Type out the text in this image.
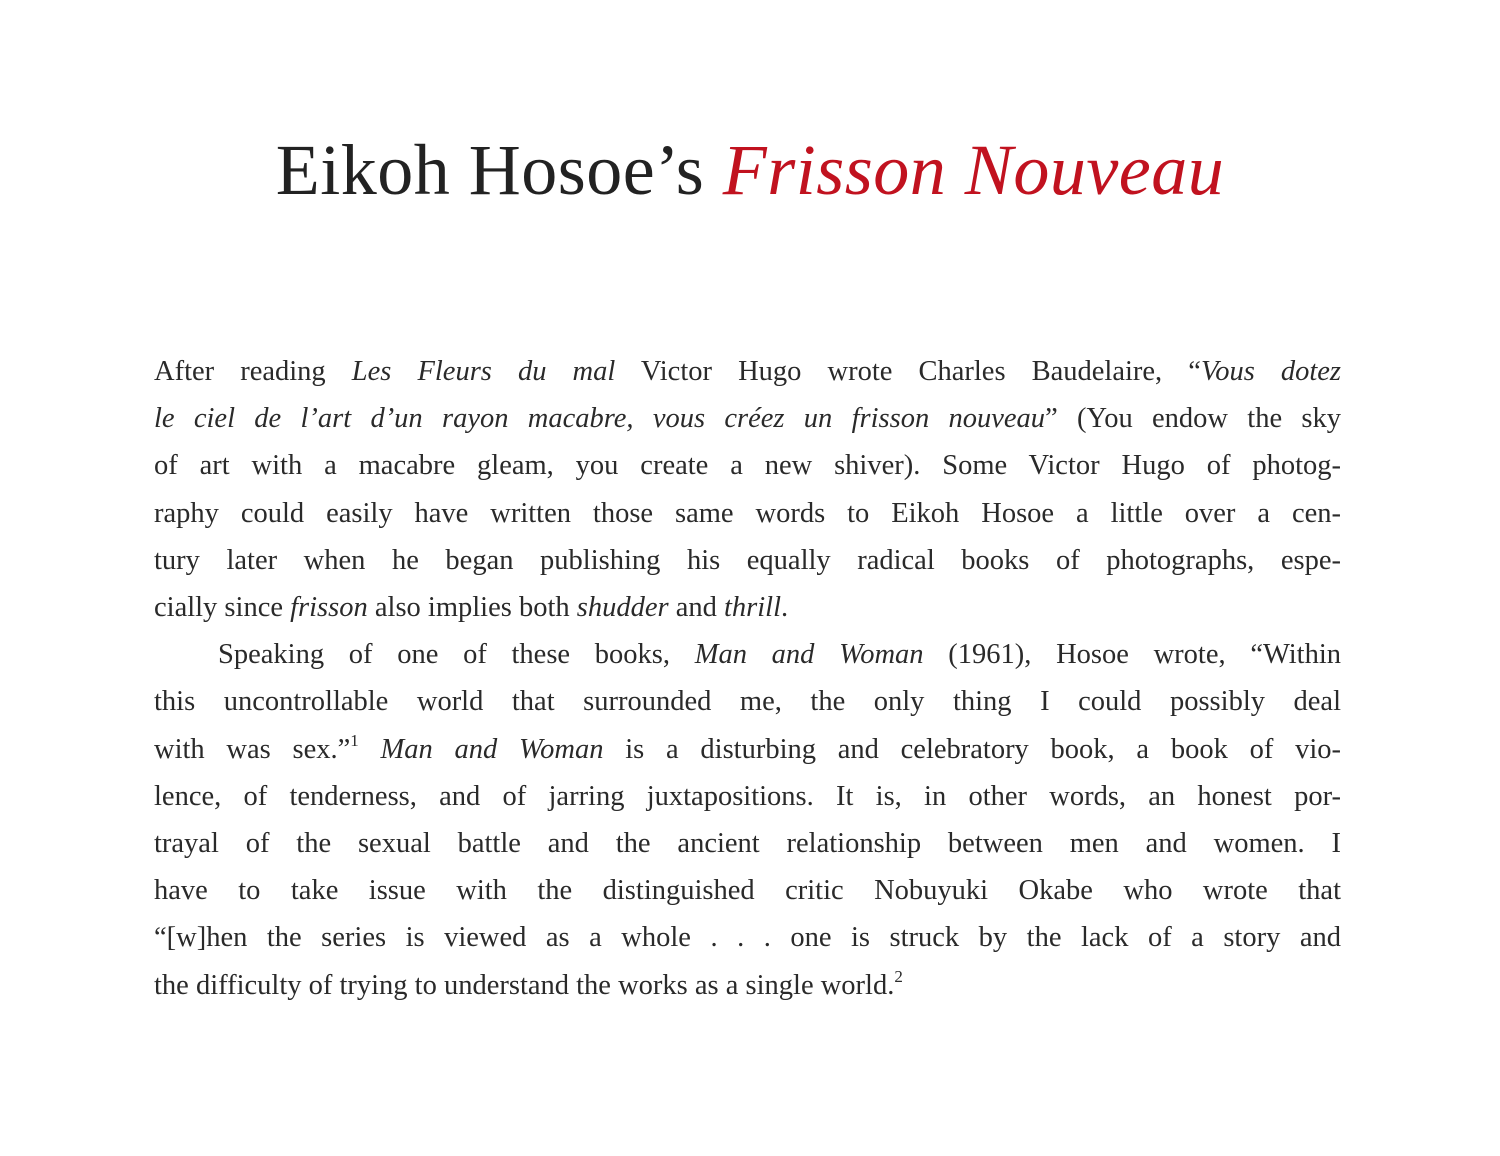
Eikoh Hosoe’s Frisson Nouveau

After reading Les Fleurs du mal Victor Hugo wrote Charles Baudelaire, “Vous dotez
le ciel de l’art d’un rayon macabre, vous créez un frisson nouveau” (You endow the sky
of art with a macabre gleam, you create a new shiver). Some Victor Hugo of photog-
raphy could easily have written those same words to Eikoh Hosoe a little over a cen-
tury later when he began publishing his equally radical books of photographs, espe-
cially since frisson also implies both shudder and thrill.

Speaking of one of these books, Man and Woman (1961), Hosoe wrote, “Within
this uncontrollable world that surrounded me, the only thing I could possibly deal
with was sex.”$^1$ Man and Woman is a disturbing and celebratory book, a book of vio-
lence, of tenderness, and of jarring juxtapositions. It is, in other words, an honest por-
trayal of the sexual battle and the ancient relationship between men and women. I
have to take issue with the distinguished critic Nobuyuki Okabe who wrote that
“[w]hen the series is viewed as a whole . . . one is struck by the lack of a story and
the difficulty of trying to understand the works as a single world.$^2$
